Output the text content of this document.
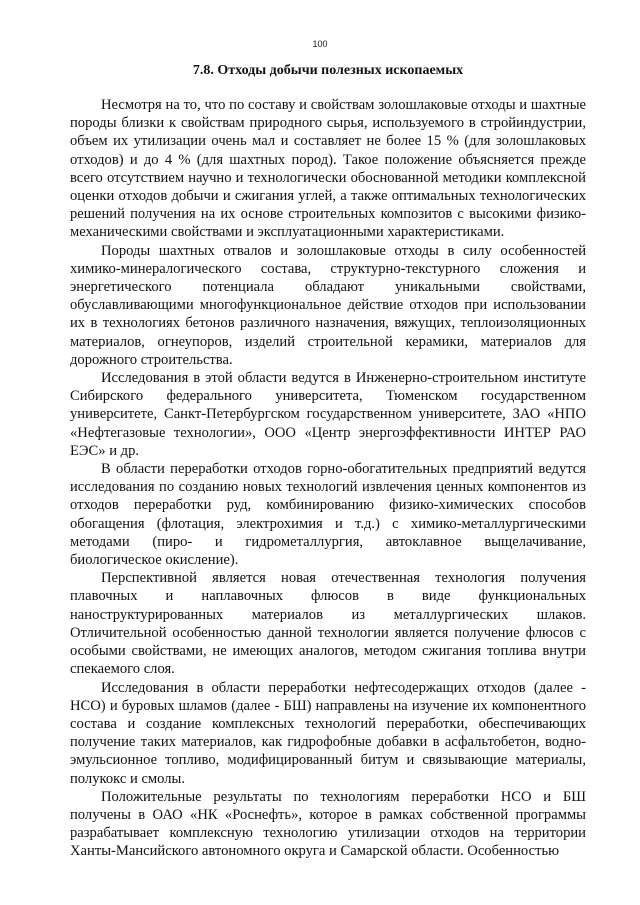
100
7.8. Отходы добычи полезных ископаемых

Несмотря на то, что по составу и свойствам золошлаковые отходы и шахтные породы близки к свойствам природного сырья, используемого в стройиндустрии, объем их утилизации очень мал и составляет не более 15 % (для золошлаковых отходов) и до 4 % (для шахтных пород). Такое положение объясняется прежде всего отсутствием научно и технологически обоснованной методики комплексной оценки отходов добычи и сжигания углей, а также оптимальных технологических решений получения на их основе строительных композитов с высокими физико-механическими свойствами и эксплуатационными характеристиками.

Породы шахтных отвалов и золошлаковые отходы в силу особенностей химико-минералогического состава, структурно-текстурного сложения и энергетического потенциала обладают уникальными свойствами, обуславливающими многофункциональное действие отходов при использовании их в технологиях бетонов различного назначения, вяжущих, теплоизоляционных материалов, огнеупоров, изделий строительной керамики, материалов для дорожного строительства.

Исследования в этой области ведутся в Инженерно-строительном институте Сибирского федерального университета, Тюменском государственном университете, Санкт-Петербургском государственном университете, ЗАО «НПО «Нефтегазовые технологии», ООО «Центр энергоэффективности ИНТЕР РАО ЕЭС» и др.

В области переработки отходов горно-обогатительных предприятий ведутся исследования по созданию новых технологий извлечения ценных компонентов из отходов переработки руд, комбинированию физико-химических способов обогащения (флотация, электрохимия и т.д.) с химико-металлургическими методами (пиро- и гидрометаллургия, автоклавное выщелачивание, биологическое окисление).

Перспективной является новая отечественная технология получения плавочных и наплавочных флюсов в виде функциональных наноструктурированных материалов из металлургических шлаков. Отличительной особенностью данной технологии является получение флюсов с особыми свойствами, не имеющих аналогов, методом сжигания топлива внутри спекаемого слоя.

Исследования в области переработки нефтесодержащих отходов (далее - НСО) и буровых шламов (далее - БШ) направлены на изучение их компонентного состава и создание комплексных технологий переработки, обеспечивающих получение таких материалов, как гидрофобные добавки в асфальтобетон, водно-эмульсионное топливо, модифицированный битум и связывающие материалы, полукокс и смолы.

Положительные результаты по технологиям переработки НСО и БШ получены в ОАО «НК «Роснефть», которое в рамках собственной программы разрабатывает комплексную технологию утилизации отходов на территории Ханты-Мансийского автономного округа и Самарской области. Особенностью
